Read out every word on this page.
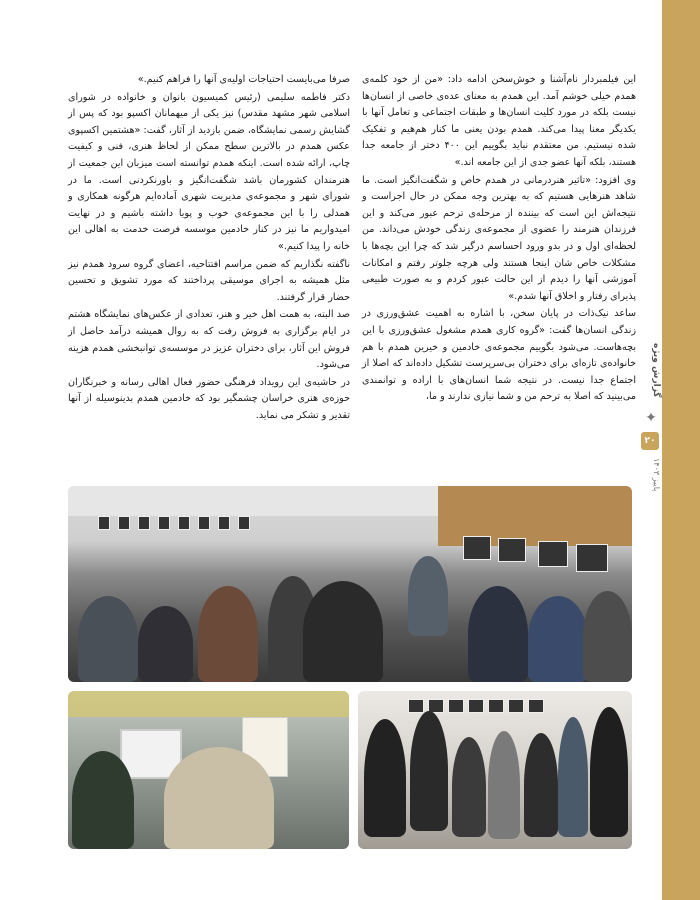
گزارش ویژه
✦
۲۰
پاییز ۱۴۰۳

این فیلمبردار نام‌آشنا و خوش‌سخن ادامه داد: «من از خود کلمه‌ی همدم خیلی خوشم آمد. این همدم به معنای عده‌ی خاصی از انسان‌ها نیست بلکه در مورد کلیت انسان‌ها و طبقات اجتماعی و تعامل آنها با یکدیگر معنا پیدا می‌کند. همدم بودن یعنی ما کنار هم‌هیم و تفکیک شده نیستیم. من معتقدم نباید بگوییم این ۴۰۰ دختر از جامعه جدا هستند، بلکه آنها عضو جدی از این جامعه اند.»

وی افزود: «تاثیر هنردرمانی در همدم خاص و شگفت‌انگیز است. ما شاهد هنرهایی هستیم که به بهترین وجه ممکن در حال اجراست و نتیجه‌اش این است که بیننده از مرحله‌ی ترحم عبور می‌کند و این فرزندان هنرمند را عضوی از مجموعه‌ی زندگی خودش می‌داند. من لحظه‌ای اول و در بدو ورود احساسم درگیر شد که چرا این بچه‌ها با مشکلات خاص شان اینجا هستند ولی هرچه جلوتر رفتم و امکانات آموزشی آنها را دیدم از این حالت عبور کردم و به صورت طبیعی پذیرای رفتار و اخلاق آنها شدم.»

ساعد نیک‌ذات در پایان سخن، با اشاره به اهمیت عشق‌ورزی در زندگی انسان‌ها گفت: «گروه کاری همدم مشغول عشق‌ورزی با این بچه‌هاست. می‌شود بگوییم مجموعه‌ی خادمین و خیرین همدم با هم خانواده‌ی تازه‌ای برای دختران بی‌سرپرست تشکیل داده‌اند که اصلا از اجتماع جدا نیست. در نتیجه شما انسان‌های با اراده و توانمندی می‌بینید که اصلا به ترحم من و شما نیازی ندارند و ما،

صرفا می‌بایست احتیاجات اولیه‌ی آنها را فراهم کنیم.»

دکتر فاطمه سلیمی (رئیس کمیسیون بانوان و خانواده در شورای اسلامی شهر مشهد مقدس) نیز یکی از میهمانان اکسپو بود که پس از گشایش رسمی نمایشگاه، ضمن بازدید از آثار، گفت: «هشتمین اکسپوی عکس همدم در بالاترین سطح ممکن از لحاظ هنری، فنی و کیفیت چاپ، ارائه شده است. اینکه همدم توانسته است میزبان این جمعیت از هنرمندان کشورمان باشد شگفت‌انگیز و باورنکردنی است. ما در شورای شهر و مجموعه‌ی مدیریت شهری آماده‌ایم هرگونه همکاری و همدلی را با این مجموعه‌ی خوب و پویا داشته باشیم و در نهایت امیدواریم ما نیز در کنار خادمین موسسه فرصت خدمت به اهالی این خانه را پیدا کنیم.»

ناگفته نگذاریم که ضمن مراسم افتتاحیه، اعضای گروه سرود همدم نیز مثل همیشه به اجرای موسیقی پرداختند که مورد تشویق و تحسین حضار قرار گرفتند.

صد البته، به همت اهل خیر و هنر، تعدادی از عکس‌های نمایشگاه هشتم در ایام برگزاری به فروش رفت که به روال همیشه درآمد حاصل از فروش این آثار، برای دختران عزیز در موسسه‌ی توانبخشی همدم هزینه می‌شود.

در حاشیه‌ی این رویداد فرهنگی حضور فعال اهالی رسانه و خبرنگاران حوزه‌ی هنری خراسان چشمگیر بود که خادمین همدم بدینوسیله از آنها تقدیر و تشکر می نماید.
